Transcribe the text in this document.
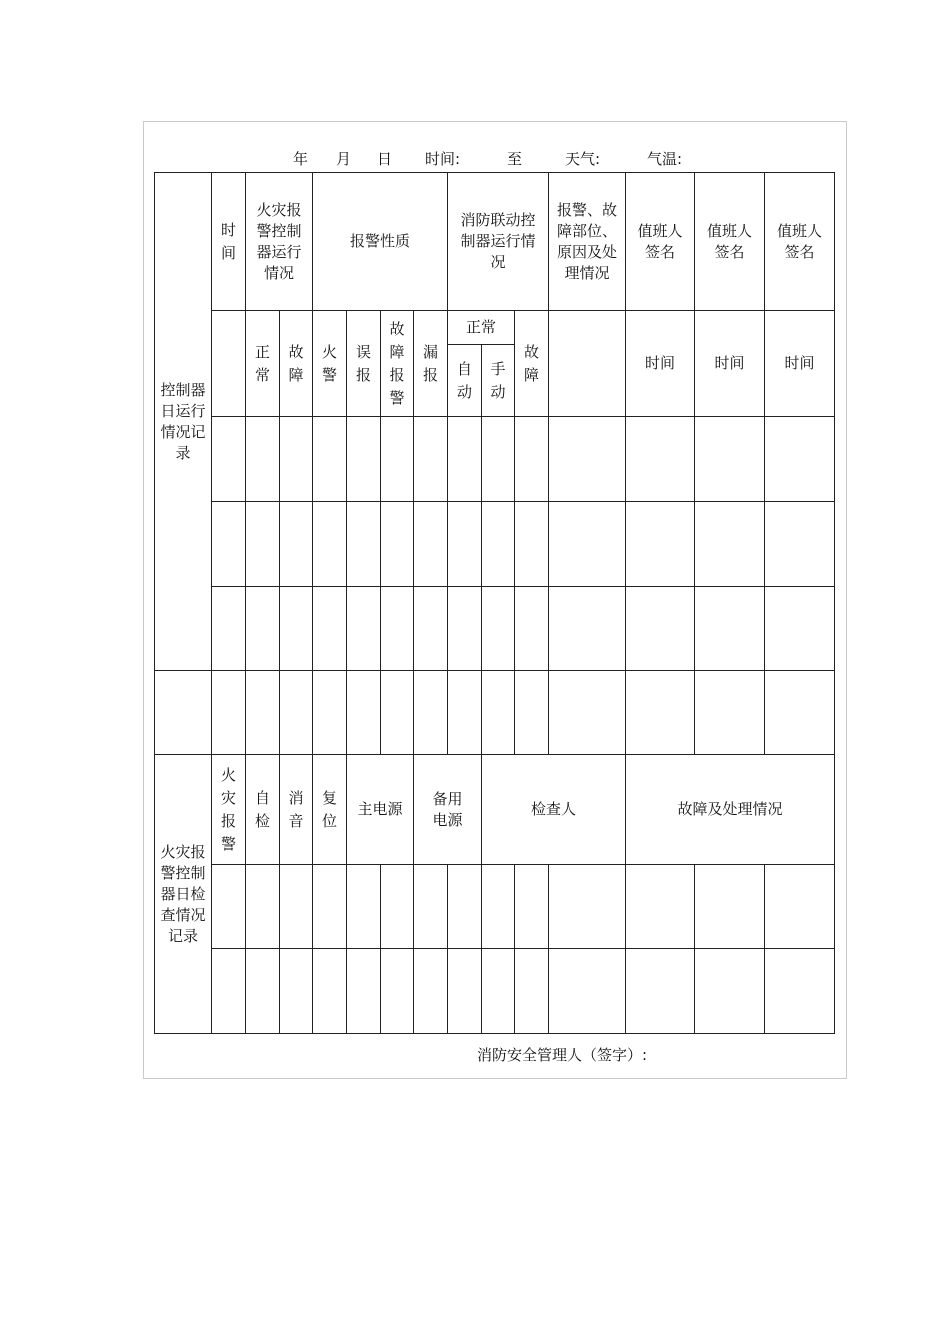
年 月 日 时间:	至	天气:	气温:
控制器日运行情况记录	时间	火灾报警控制器运行情况		报警性质				消防联动控制器运行情况			报警、故障部位、原因及处理情况	值班人签名	值班人签名	值班人签名
		正常	故障	火警	误报	故障报警	漏报	正常		故障		时间	时间	时间
								自动	手动					

火灾报警控制器日检查情况记录	火灾报警	自检	消音	复位	主电源		备用电源		检查人			故障及处理情况		

消防安全管理人（签字）:
